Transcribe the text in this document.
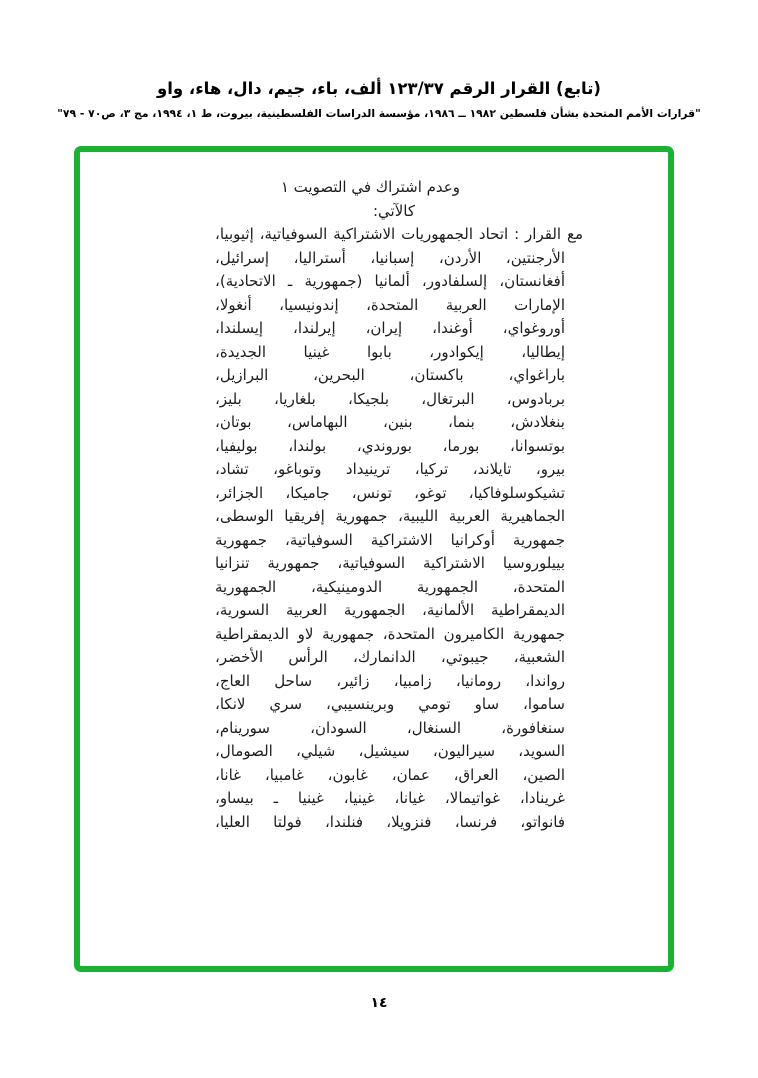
(تابع) القرار الرقم ١٢٣/٣٧ ألف، باء، جيم، دال، هاء، واو
"قرارات الأمم المتحدة بشأن فلسطين ١٩٨٢ ــ ١٩٨٦، مؤسسة الدراسات الفلسطينية، بيروت، ط ١، ١٩٩٤، مج ٣، ص٧٠ - ٧٩"
وعدم اشتراك في التصويت ١
كالآتي:
مع القرار : اتحاد الجمهوريات الاشتراكية السوفياتية، إثيوبيا،
الأرجنتين، الأردن، إسبانيا، أستراليا، إسرائيل،
أفغانستان، إلسلفادور، ألمانيا (جمهورية ـ الاتحادية)،
الإمارات العربية المتحدة، إندونيسيا، أنغولا،
أوروغواي، أوغندا، إيران، إيرلندا، إيسلندا،
إيطاليا، إيكوادور، بابوا غينيا الجديدة،
باراغواي، باكستان، البحرين، البرازيل،
بربادوس، البرتغال، بلجيكا، بلغاريا، بليز،
بنغلادش، بنما، بنين، البهاماس، بوتان،
بوتسوانا، بورما، بوروندي، بولندا، بوليفيا،
بيرو، تايلاند، تركيا، ترينيداد وتوباغو، تشاد،
تشيكوسلوفاكيا، توغو، تونس، جاميكا، الجزائر،
الجماهيرية العربية الليبية، جمهورية إفريقيا الوسطى،
جمهورية أوكرانيا الاشتراكية السوفياتية، جمهورية
بييلوروسيا الاشتراكية السوفياتية، جمهورية تنزانيا
المتحدة، الجمهورية الدومينيكية، الجمهورية
الديمقراطية الألمانية، الجمهورية العربية السورية،
جمهورية الكاميرون المتحدة، جمهورية لاو الديمقراطية
الشعبية، جيبوتي، الدانمارك، الرأس الأخضر،
رواندا، رومانيا، زامبيا، زائير، ساحل العاج،
ساموا، ساو تومي وبرينسيبي، سري لانكا،
سنغافورة، السنغال، السودان، سورينام،
السويد، سيراليون، سيشيل، شيلي، الصومال،
الصين، العراق، عمان، غابون، غامبيا، غانا،
غرينادا، غواتيمالا، غيانا، غينيا، غينيا ـ بيساو،
فانواتو، فرنسا، فنزويلا، فنلندا، فولتا العليا،
١٤
